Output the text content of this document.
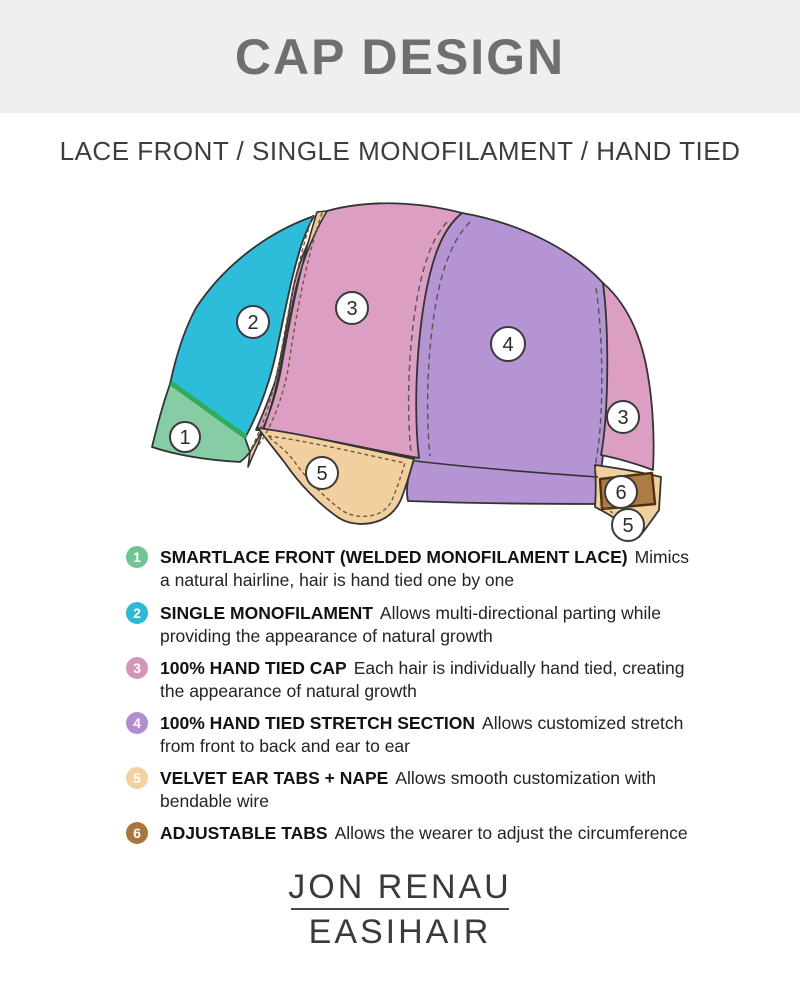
CAP DESIGN
LACE FRONT / SINGLE MONOFILAMENT / HAND TIED
1
2
3
4
3
5
6
5
1	SMARTLACE FRONT (WELDED MONOFILAMENT LACE) Mimics a natural hairline, hair is hand tied one by one
2	SINGLE MONOFILAMENT Allows multi-directional parting while providing the appearance of natural growth
3	100% HAND TIED CAP Each hair is individually hand tied, creating the appearance of natural growth
4	100% HAND TIED STRETCH SECTION Allows customized stretch from front to back and ear to ear
5	VELVET EAR TABS + NAPE Allows smooth customization with bendable wire
6	ADJUSTABLE TABS Allows the wearer to adjust the circumference
JON RENAU
EASIHAIR
